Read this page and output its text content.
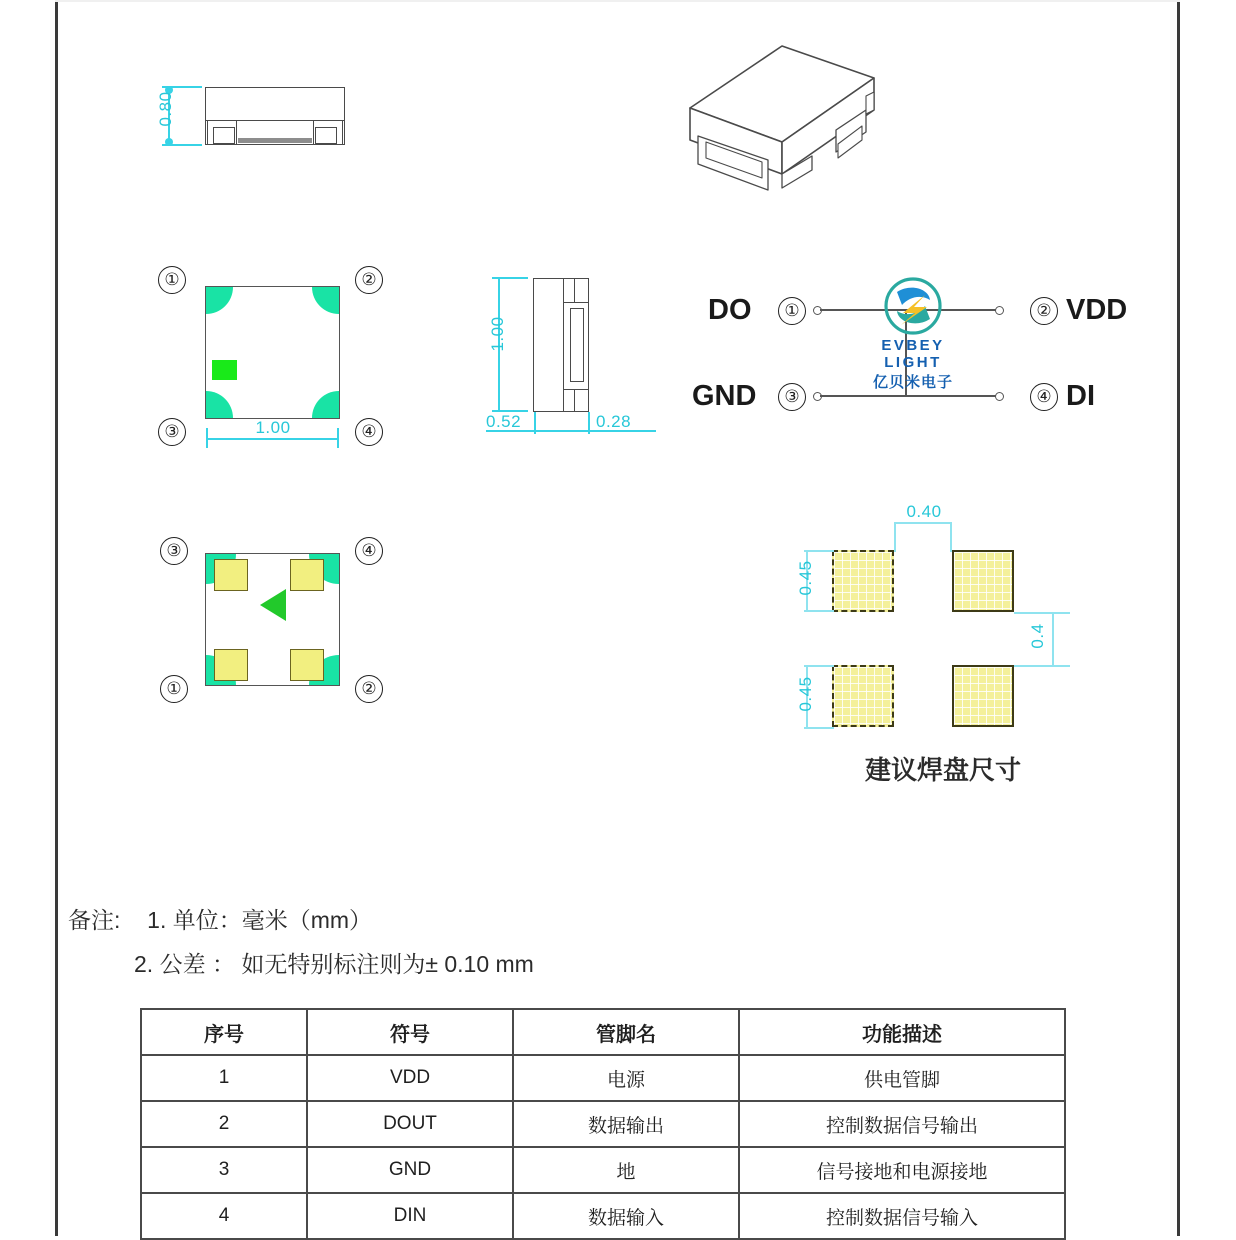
0.80
①	②
③	④
1.00
1.00
0.52	0.28
DO	①	② VDD
GND	③	④ DI
EVBEY LIGHT
亿贝米电子
③	④
①	②
0.40
0.45
0.45
0.4
建议焊盘尺寸
备注: 1. 单位：毫米（mm）
2. 公差 ： 如无特别标注则为± 0.10 mm
序号	符号	管脚名	功能描述
1	VDD	电源	供电管脚
2	DOUT	数据输出	控制数据信号输出
3	GND	地	信号接地和电源接地
4	DIN	数据输入	控制数据信号输入
